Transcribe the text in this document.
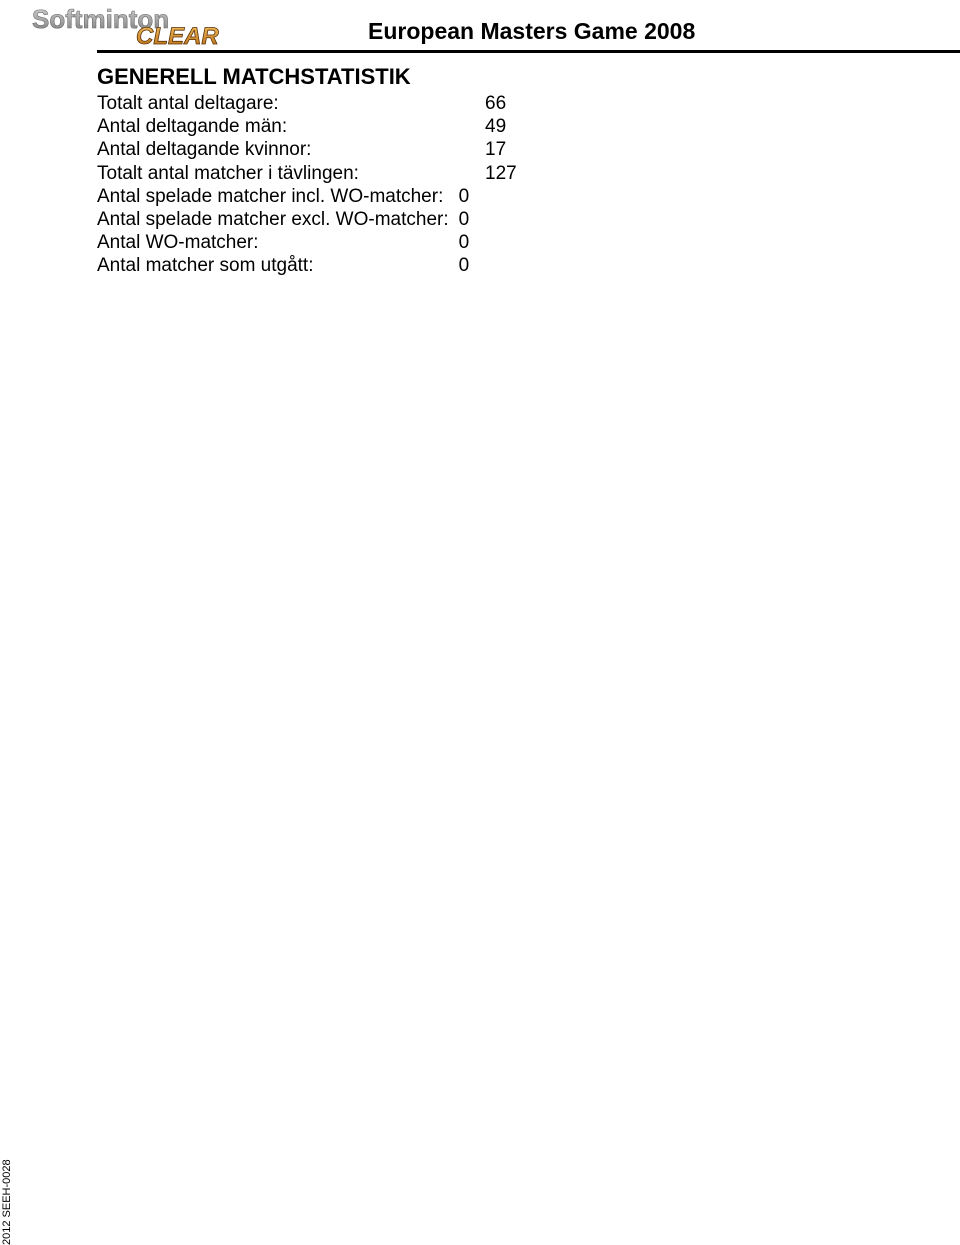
Softminton
CLEAR	European Masters Game 2008
GENERELL MATCHSTATISTIK
Totalt antal deltagare:	66
Antal deltagande män:	49
Antal deltagande kvinnor:	17
Totalt antal matcher i tävlingen:	127
Antal spelade matcher incl. WO-matcher: 0
Antal spelade matcher excl. WO-matcher: 0
Antal WO-matcher:	0
Antal matcher som utgått:	0
2012 SEEH-0028
